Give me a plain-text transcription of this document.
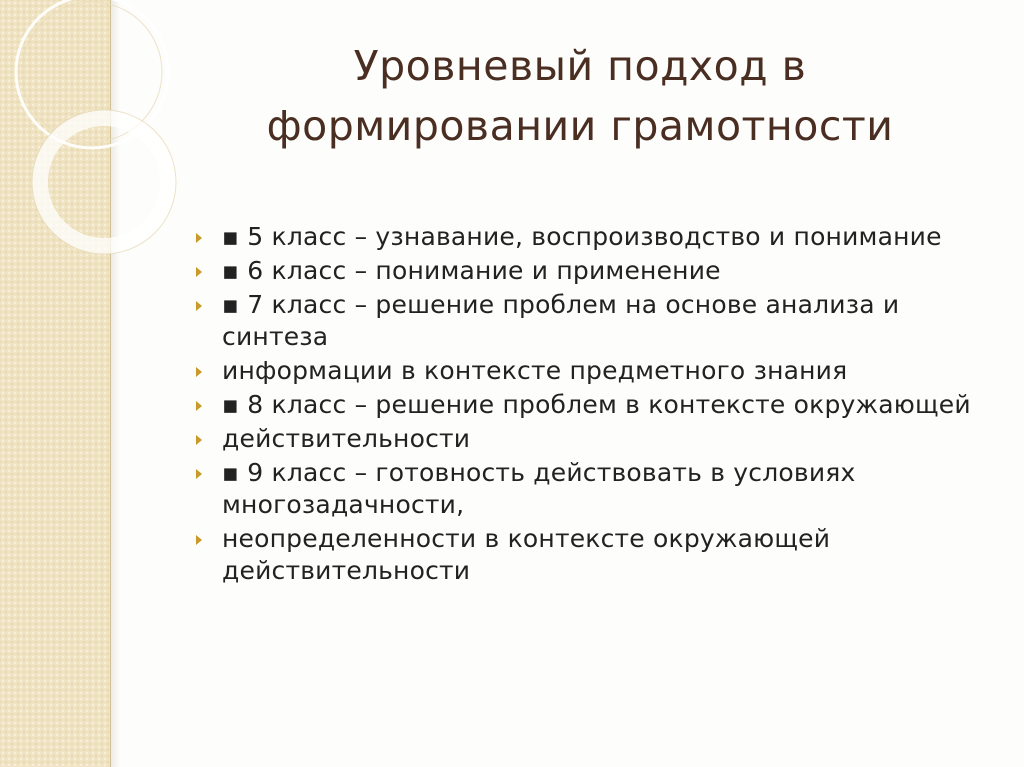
Уровневый подход в
формировании грамотности
▪ 5 класс – узнавание, воспроизводство и понимание
▪ 6 класс – понимание и применение
▪ 7 класс – решение проблем на основе анализа и синтеза
информации в контексте предметного знания
▪ 8 класс – решение проблем в контексте окружающей
действительности
▪ 9 класс – готовность действовать в условиях многозадачности,
неопределенности в контексте окружающей действительности
